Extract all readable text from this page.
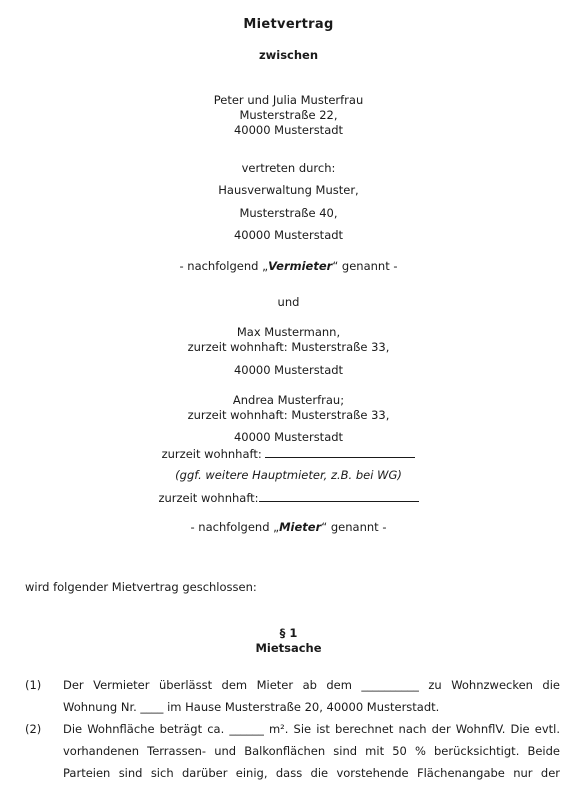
Mietvertrag
zwischen
Peter und Julia Musterfrau
Musterstraße 22,
40000 Musterstadt
vertreten durch:
Hausverwaltung Muster,
Musterstraße 40,
40000 Musterstadt
- nachfolgend „Vermieter“ genannt -
und
Max Mustermann,
zurzeit wohnhaft: Musterstraße 33,
40000 Musterstadt
Andrea Musterfrau;
zurzeit wohnhaft: Musterstraße 33,
40000 Musterstadt
zurzeit wohnhaft:
(ggf. weitere Hauptmieter, z.B. bei WG)
zurzeit wohnhaft:
- nachfolgend „Mieter“ genannt -
wird folgender Mietvertrag geschlossen:
§ 1
Mietsache
(1) Der Vermieter überlässt dem Mieter ab dem __________ zu Wohnzwecken die
Wohnung Nr. ____ im Hause Musterstraße 20, 40000 Musterstadt.
(2) Die Wohnfläche beträgt ca. ______ m². Sie ist berechnet nach der WohnflV. Die evtl.
vorhandenen Terrassen- und Balkonflächen sind mit 50 % berücksichtigt. Beide
Parteien sind sich darüber einig, dass die vorstehende Flächenangabe nur der
